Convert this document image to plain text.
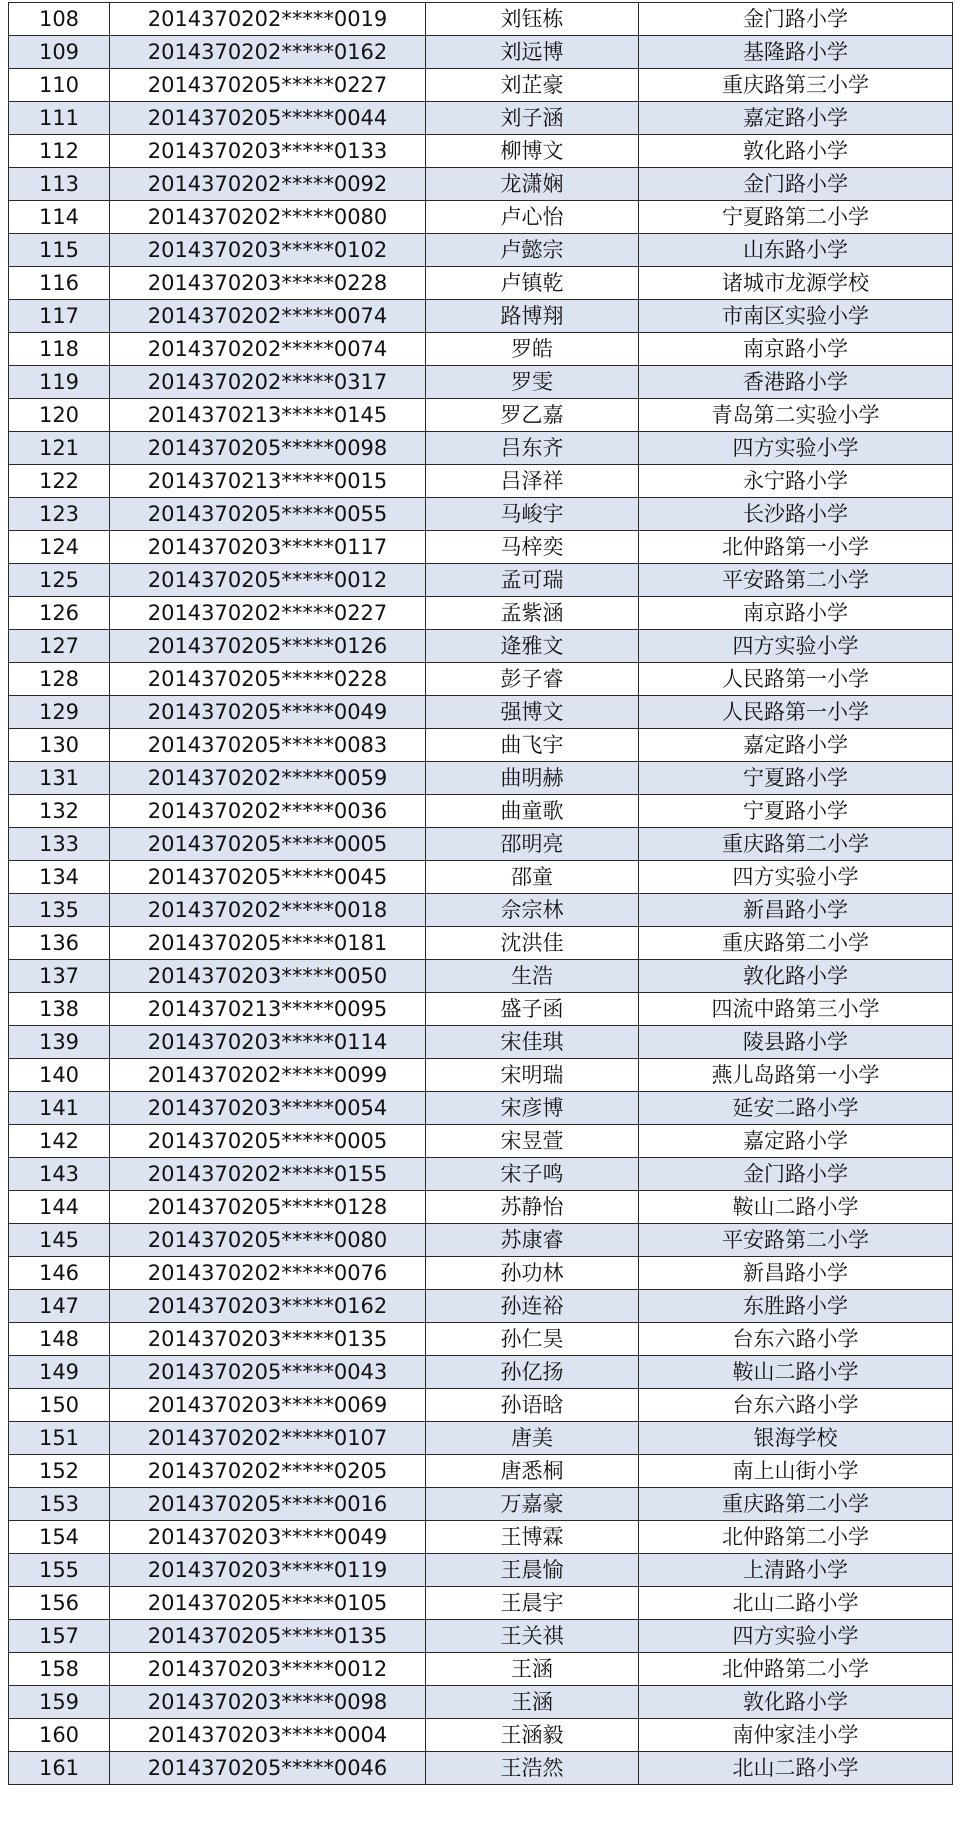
108	2014370202*****0019	刘钰栋	金门路小学
109	2014370202*****0162	刘远博	基隆路小学
110	2014370205*****0227	刘芷豪	重庆路第三小学
111	2014370205*****0044	刘子涵	嘉定路小学
112	2014370203*****0133	柳博文	敦化路小学
113	2014370202*****0092	龙潇娴	金门路小学
114	2014370202*****0080	卢心怡	宁夏路第二小学
115	2014370203*****0102	卢懿宗	山东路小学
116	2014370203*****0228	卢镇乾	诸城市龙源学校
117	2014370202*****0074	路博翔	市南区实验小学
118	2014370202*****0074	罗皓	南京路小学
119	2014370202*****0317	罗雯	香港路小学
120	2014370213*****0145	罗乙嘉	青岛第二实验小学
121	2014370205*****0098	吕东齐	四方实验小学
122	2014370213*****0015	吕泽祥	永宁路小学
123	2014370205*****0055	马峻宇	长沙路小学
124	2014370203*****0117	马梓奕	北仲路第一小学
125	2014370205*****0012	孟可瑞	平安路第二小学
126	2014370202*****0227	孟紫涵	南京路小学
127	2014370205*****0126	逄雅文	四方实验小学
128	2014370205*****0228	彭子睿	人民路第一小学
129	2014370205*****0049	强博文	人民路第一小学
130	2014370205*****0083	曲飞宇	嘉定路小学
131	2014370202*****0059	曲明赫	宁夏路小学
132	2014370202*****0036	曲童歌	宁夏路小学
133	2014370205*****0005	邵明亮	重庆路第二小学
134	2014370205*****0045	邵童	四方实验小学
135	2014370202*****0018	佘宗林	新昌路小学
136	2014370205*****0181	沈洪佳	重庆路第二小学
137	2014370203*****0050	生浩	敦化路小学
138	2014370213*****0095	盛子函	四流中路第三小学
139	2014370203*****0114	宋佳琪	陵县路小学
140	2014370202*****0099	宋明瑞	燕儿岛路第一小学
141	2014370203*****0054	宋彦博	延安二路小学
142	2014370205*****0005	宋昱萱	嘉定路小学
143	2014370202*****0155	宋子鸣	金门路小学
144	2014370205*****0128	苏静怡	鞍山二路小学
145	2014370205*****0080	苏康睿	平安路第二小学
146	2014370202*****0076	孙功林	新昌路小学
147	2014370203*****0162	孙连裕	东胜路小学
148	2014370203*****0135	孙仁昊	台东六路小学
149	2014370205*****0043	孙亿扬	鞍山二路小学
150	2014370203*****0069	孙语晗	台东六路小学
151	2014370202*****0107	唐美	银海学校
152	2014370202*****0205	唐悉桐	南上山街小学
153	2014370205*****0016	万嘉豪	重庆路第二小学
154	2014370203*****0049	王博霖	北仲路第二小学
155	2014370203*****0119	王晨愉	上清路小学
156	2014370205*****0105	王晨宇	北山二路小学
157	2014370205*****0135	王关祺	四方实验小学
158	2014370203*****0012	王涵	北仲路第二小学
159	2014370203*****0098	王涵	敦化路小学
160	2014370203*****0004	王涵毅	南仲家洼小学
161	2014370205*****0046	王浩然	北山二路小学
